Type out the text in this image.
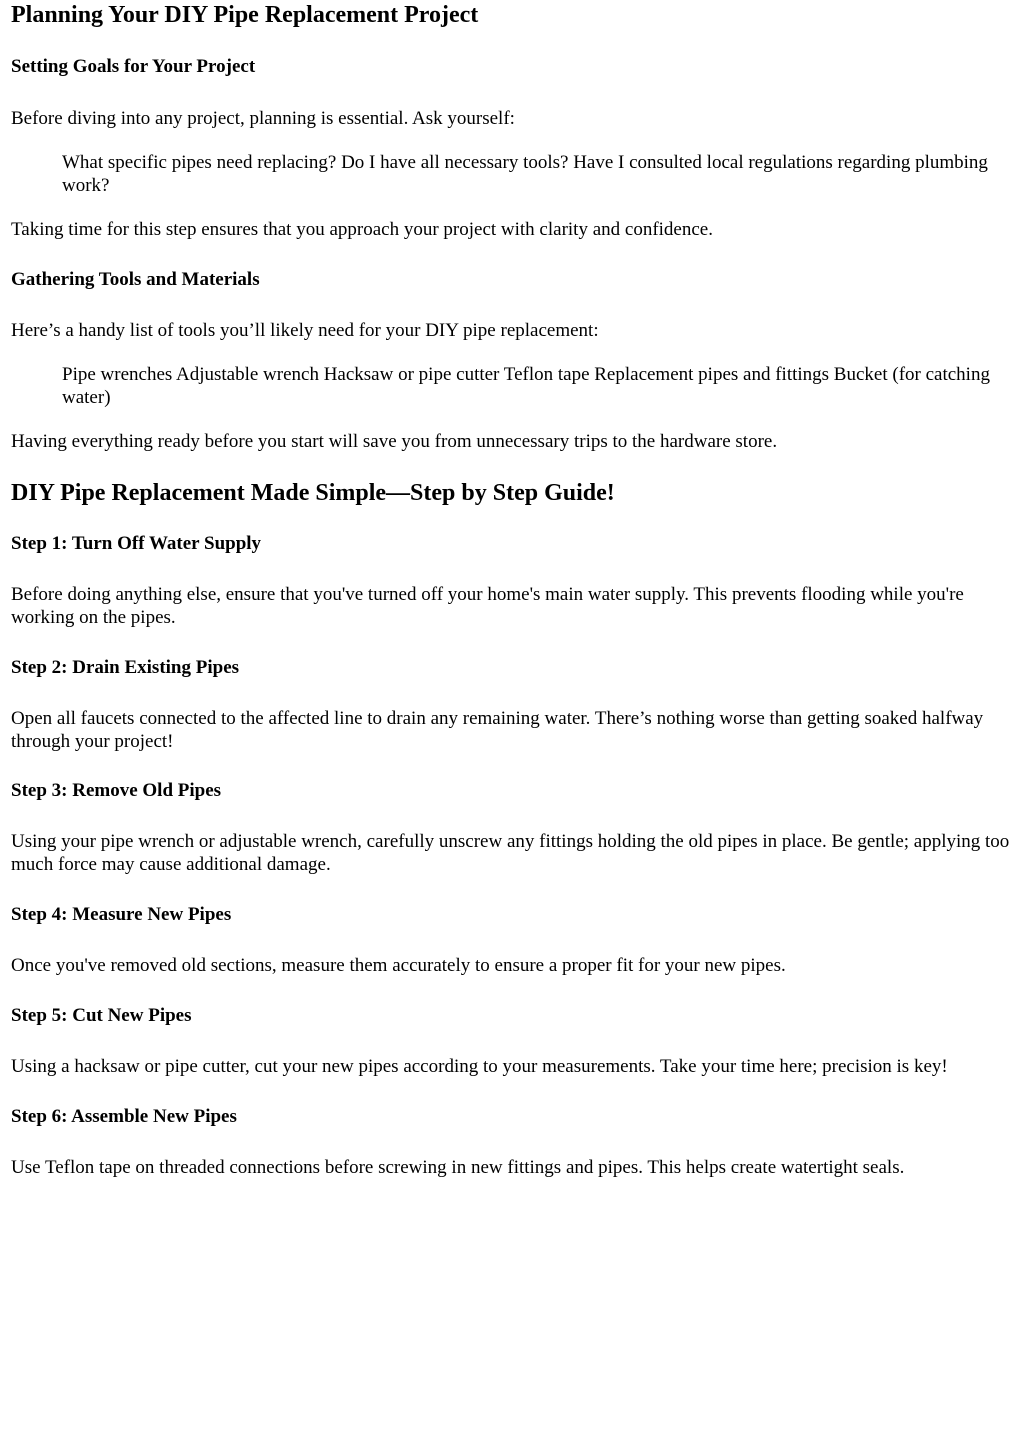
Planning Your DIY Pipe Replacement Project
Setting Goals for Your Project

Before diving into any project, planning is essential. Ask yourself:

What specific pipes need replacing? Do I have all necessary tools? Have I consulted local regulations regarding plumbing work?

Taking time for this step ensures that you approach your project with clarity and confidence.

Gathering Tools and Materials

Here’s a handy list of tools you’ll likely need for your DIY pipe replacement:

Pipe wrenches Adjustable wrench Hacksaw or pipe cutter Teflon tape Replacement pipes and fittings Bucket (for catching water)

Having everything ready before you start will save you from unnecessary trips to the hardware store.

DIY Pipe Replacement Made Simple—Step by Step Guide!
Step 1: Turn Off Water Supply

Before doing anything else, ensure that you've turned off your home's main water supply. This prevents flooding while you're working on the pipes.

Step 2: Drain Existing Pipes

Open all faucets connected to the affected line to drain any remaining water. There’s nothing worse than getting soaked halfway through your project!

Step 3: Remove Old Pipes

Using your pipe wrench or adjustable wrench, carefully unscrew any fittings holding the old pipes in place. Be gentle; applying too much force may cause additional damage.

Step 4: Measure New Pipes

Once you've removed old sections, measure them accurately to ensure a proper fit for your new pipes.

Step 5: Cut New Pipes

Using a hacksaw or pipe cutter, cut your new pipes according to your measurements. Take your time here; precision is key!

Step 6: Assemble New Pipes

Use Teflon tape on threaded connections before screwing in new fittings and pipes. This helps create watertight seals.
